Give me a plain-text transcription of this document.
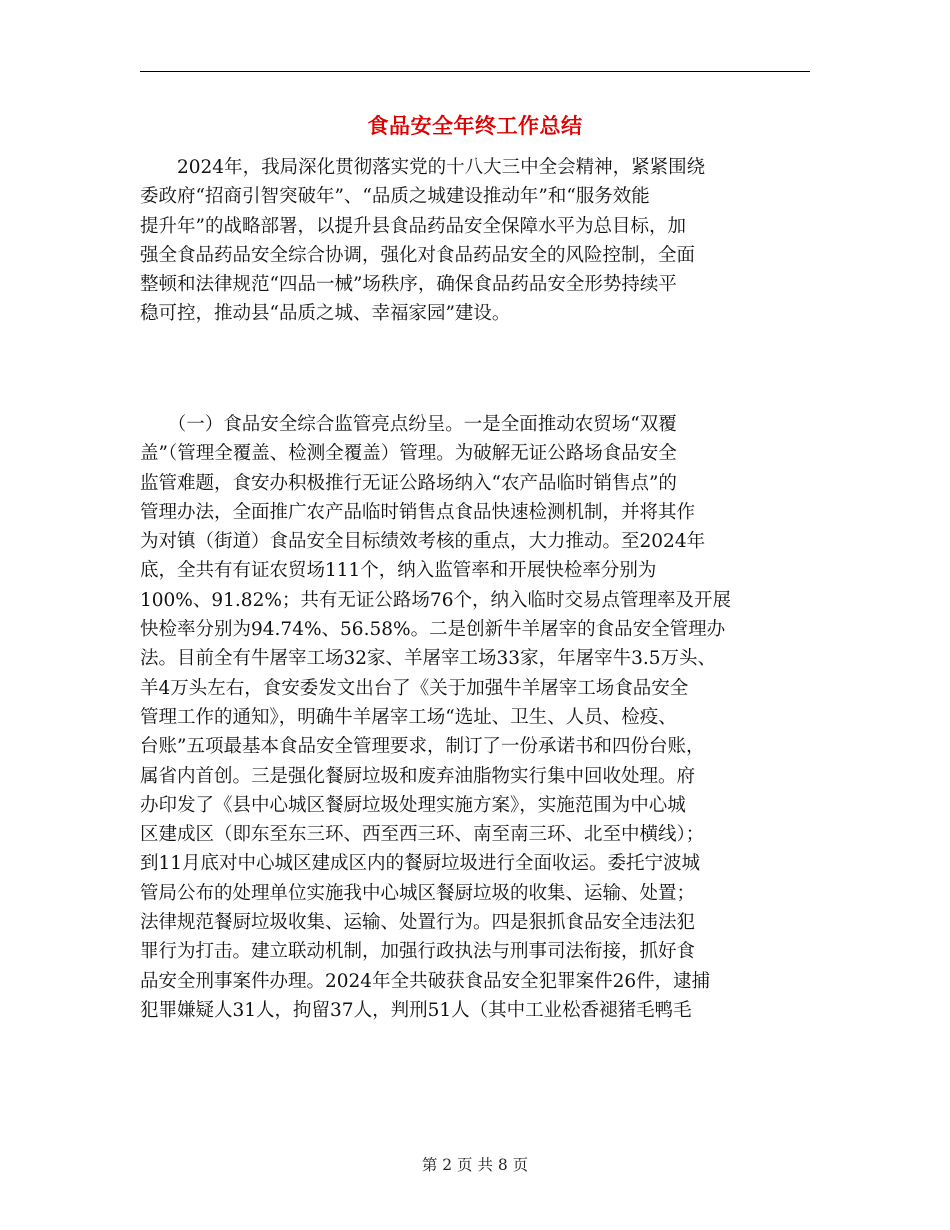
食品安全年终工作总结
　　2024年，我局深化贯彻落实党的十八大三中全会精神，紧紧围绕
委政府“招商引智突破年”、“品质之城建设推动年”和“服务效能
提升年”的战略部署，以提升县食品药品安全保障水平为总目标，加
强全食品药品安全综合协调，强化对食品药品安全的风险控制，全面
整顿和法律规范“四品一械”场秩序，确保食品药品安全形势持续平
稳可控，推动县“品质之城、幸福家园”建设。
　　（一）食品安全综合监管亮点纷呈。一是全面推动农贸场“双覆
盖”（管理全覆盖、检测全覆盖）管理。为破解无证公路场食品安全
监管难题，食安办积极推行无证公路场纳入“农产品临时销售点”的
管理办法，全面推广农产品临时销售点食品快速检测机制，并将其作
为对镇（街道）食品安全目标绩效考核的重点，大力推动。至2024年
底，全共有有证农贸场111个，纳入监管率和开展快检率分别为
100%、91.82%；共有无证公路场76个，纳入临时交易点管理率及开展
快检率分别为94.74%、56.58%。二是创新牛羊屠宰的食品安全管理办
法。目前全有牛屠宰工场32家、羊屠宰工场33家，年屠宰牛3.5万头、
羊4万头左右，食安委发文出台了《关于加强牛羊屠宰工场食品安全
管理工作的通知》，明确牛羊屠宰工场“选址、卫生、人员、检疫、
台账”五项最基本食品安全管理要求，制订了一份承诺书和四份台账，
属省内首创。三是强化餐厨垃圾和废弃油脂物实行集中回收处理。府
办印发了《县中心城区餐厨垃圾处理实施方案》，实施范围为中心城
区建成区（即东至东三环、西至西三环、南至南三环、北至中横线）；
到11月底对中心城区建成区内的餐厨垃圾进行全面收运。委托宁波城
管局公布的处理单位实施我中心城区餐厨垃圾的收集、运输、处置；
法律规范餐厨垃圾收集、运输、处置行为。四是狠抓食品安全违法犯
罪行为打击。建立联动机制，加强行政执法与刑事司法衔接，抓好食
品安全刑事案件办理。2024年全共破获食品安全犯罪案件26件，逮捕
犯罪嫌疑人31人，拘留37人，判刑51人（其中工业松香褪猪毛鸭毛
第 2 页 共 8 页
